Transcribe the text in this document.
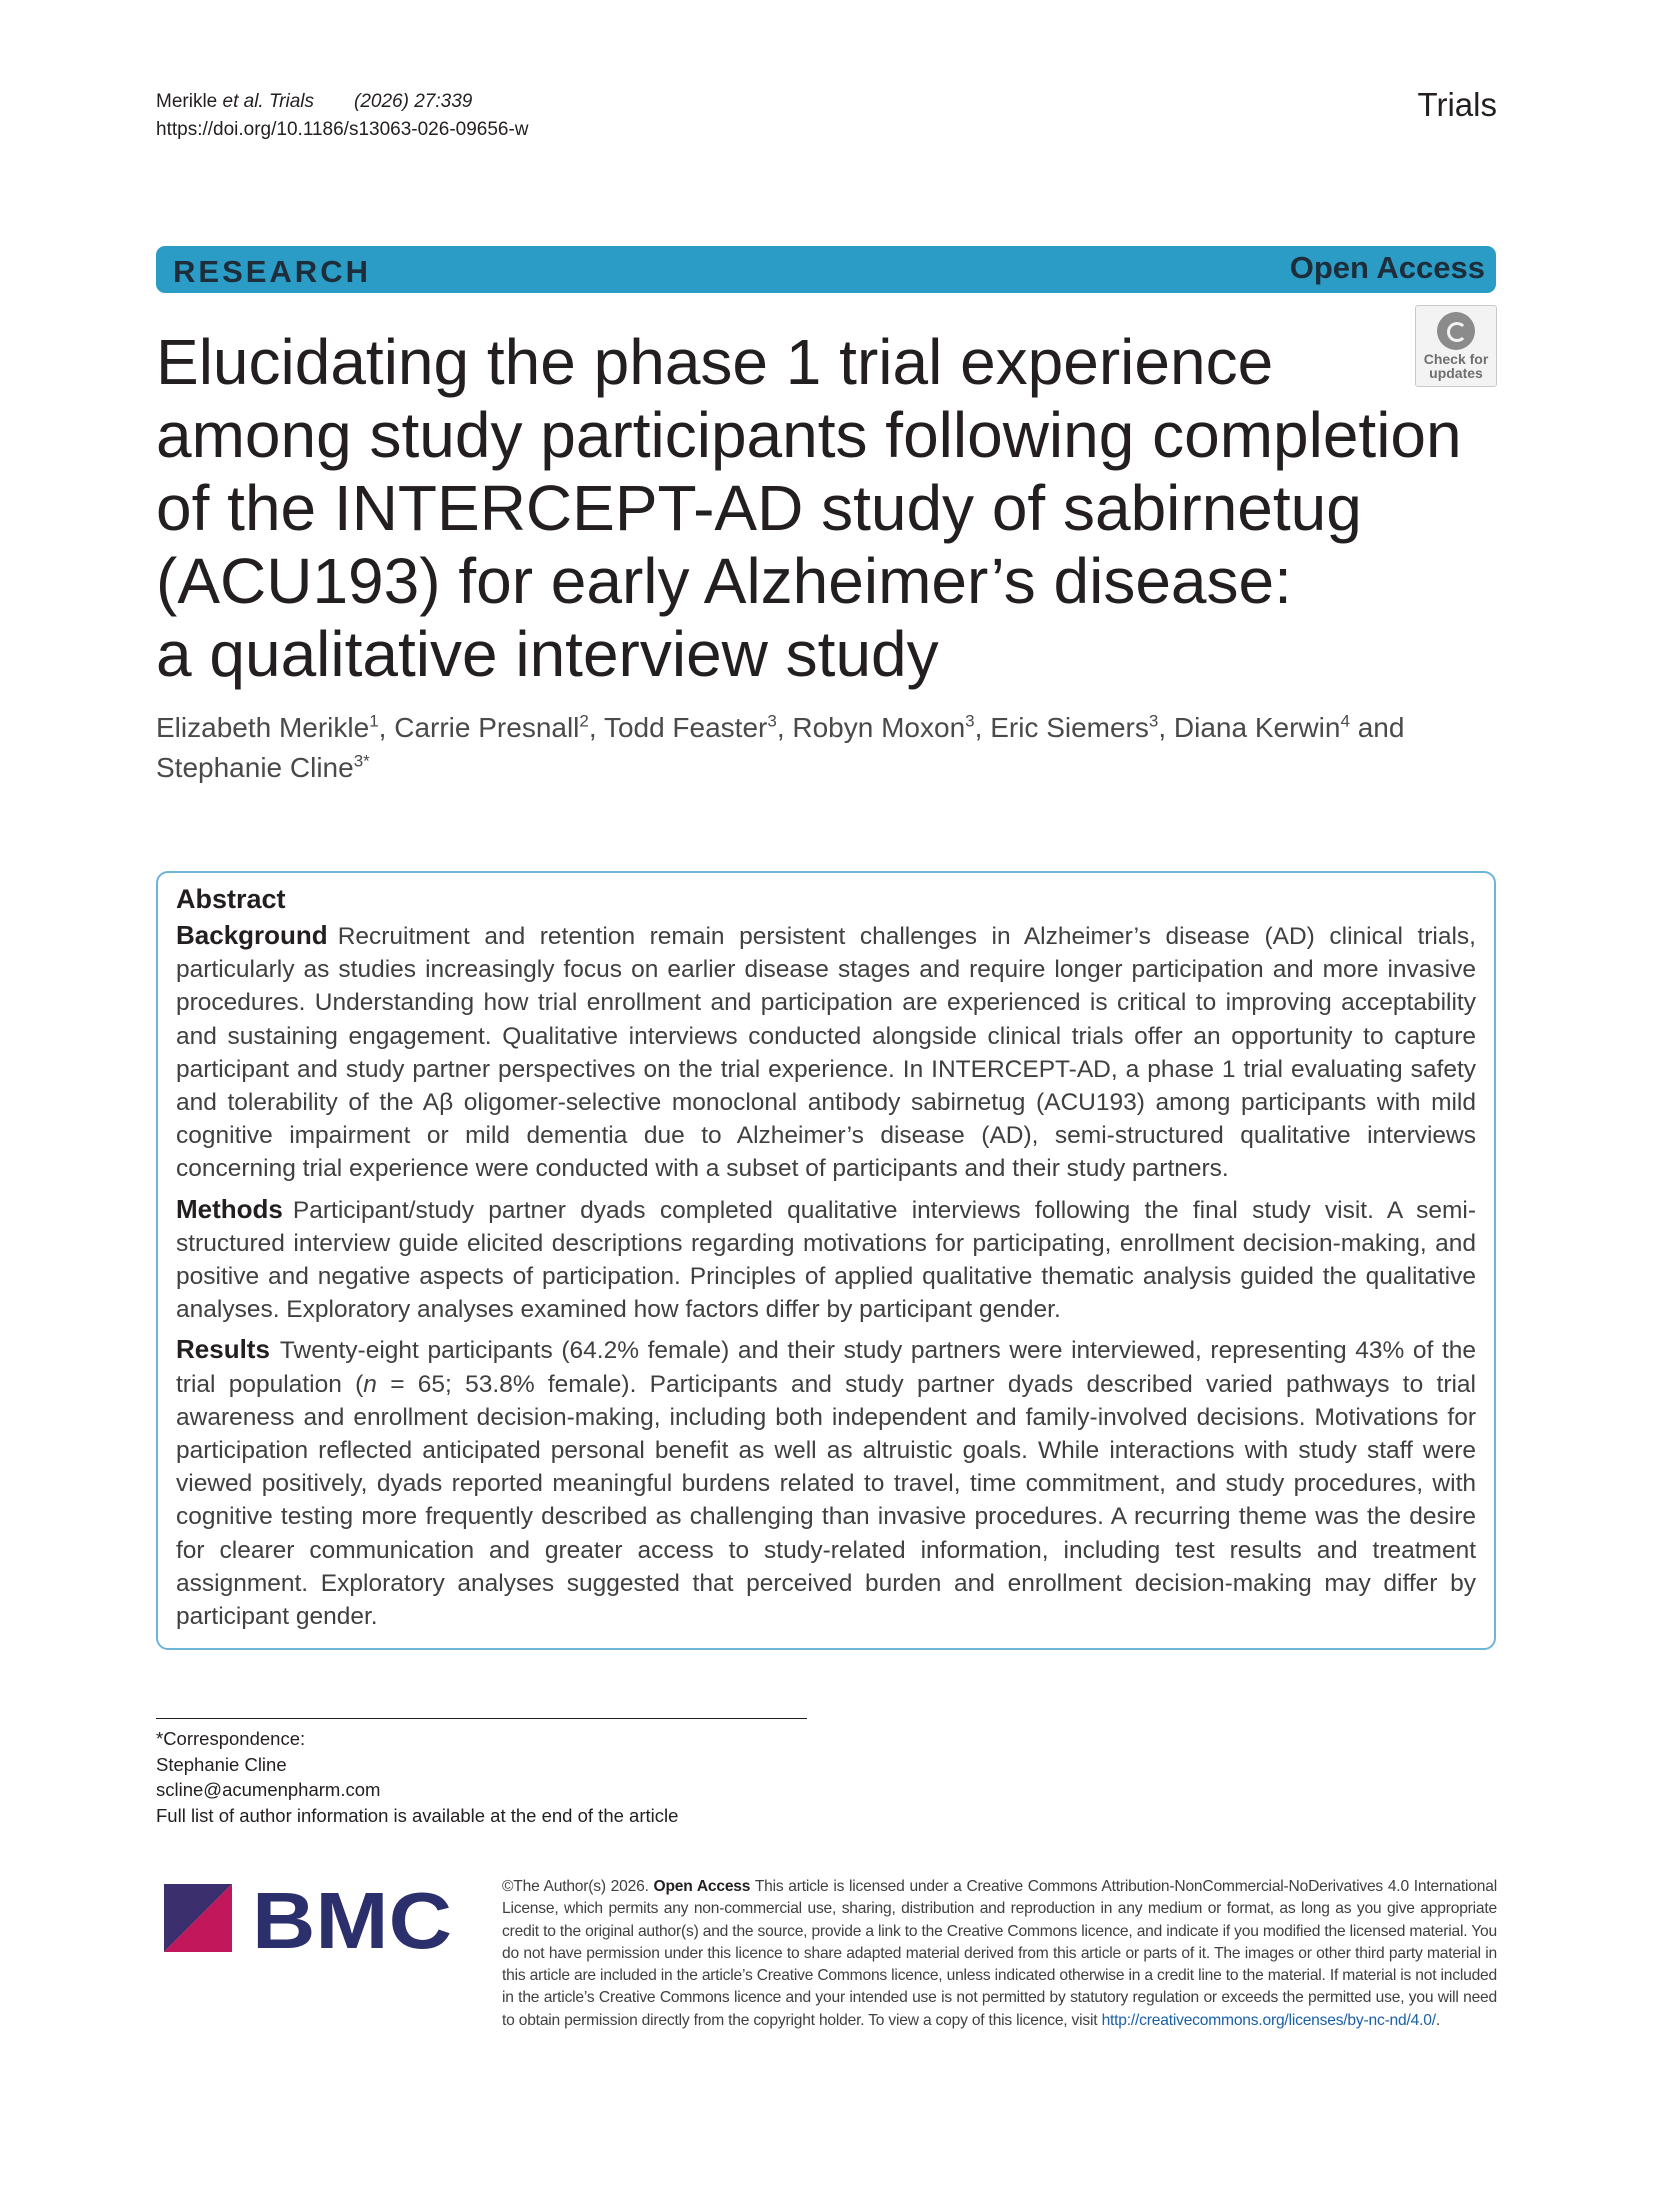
Merikle et al. Trials (2026) 27:339
https://doi.org/10.1186/s13063-026-09656-w
Trials
RESEARCH	Open Access
Check for
updates
Elucidating the phase 1 trial experience
among study participants following completion
of the INTERCEPT-AD study of sabirnetug
(ACU193) for early Alzheimer’s disease:
a qualitative interview study
Elizabeth Merikle$^1$, Carrie Presnall$^2$, Todd Feaster$^3$, Robyn Moxon$^3$, Eric Siemers$^3$, Diana Kerwin$^4$ and
Stephanie Cline$^{3*}$
Abstract

Background Recruitment and retention remain persistent challenges in Alzheimer’s disease (AD) clinical trials, particularly as studies increasingly focus on earlier disease stages and require longer participation and more invasive procedures. Understanding how trial enrollment and participation are experienced is critical to improving acceptability and sustaining engagement. Qualitative interviews conducted alongside clinical trials offer an opportunity to capture participant and study partner perspectives on the trial experience. In INTERCEPT-AD, a phase 1 trial evaluating safety and tolerability of the Aβ oligomer-selective monoclonal antibody sabirnetug (ACU193) among participants with mild cognitive impairment or mild dementia due to Alzheimer’s disease (AD), semi-structured qualitative interviews concerning trial experience were conducted with a subset of participants and their study partners.

Methods Participant/study partner dyads completed qualitative interviews following the final study visit. A semi-structured interview guide elicited descriptions regarding motivations for participating, enrollment decision-making, and positive and negative aspects of participation. Principles of applied qualitative thematic analysis guided the qualitative analyses. Exploratory analyses examined how factors differ by participant gender.

Results Twenty-eight participants (64.2% female) and their study partners were interviewed, representing 43% of the trial population (n = 65; 53.8% female). Participants and study partner dyads described varied pathways to trial awareness and enrollment decision-making, including both independent and family-involved decisions. Motivations for participation reflected anticipated personal benefit as well as altruistic goals. While interactions with study staff were viewed positively, dyads reported meaningful burdens related to travel, time commitment, and study procedures, with cognitive testing more frequently described as challenging than invasive procedures. A recurring theme was the desire for clearer communication and greater access to study-related information, including test results and treatment assignment. Exploratory analyses suggested that perceived burden and enrollment decision-making may differ by participant gender.

*Correspondence:
Stephanie Cline
scline@acumenpharm.com
Full list of author information is available at the end of the article
BMC	©The Author(s) 2026. Open Access This article is licensed under a Creative Commons Attribution-NonCommercial-NoDerivatives 4.0 International License, which permits any non-commercial use, sharing, distribution and reproduction in any medium or format, as long as you give appropriate credit to the original author(s) and the source, provide a link to the Creative Commons licence, and indicate if you modified the licensed material. You do not have permission under this licence to share adapted material derived from this article or parts of it. The images or other third party material in this article are included in the article’s Creative Commons licence, unless indicated otherwise in a credit line to the material. If material is not included in the article’s Creative Commons licence and your intended use is not permitted by statutory regulation or exceeds the permitted use, you will need to obtain permission directly from the copyright holder. To view a copy of this licence, visit http://creativecommons.org/licenses/by-nc-nd/4.0/.
